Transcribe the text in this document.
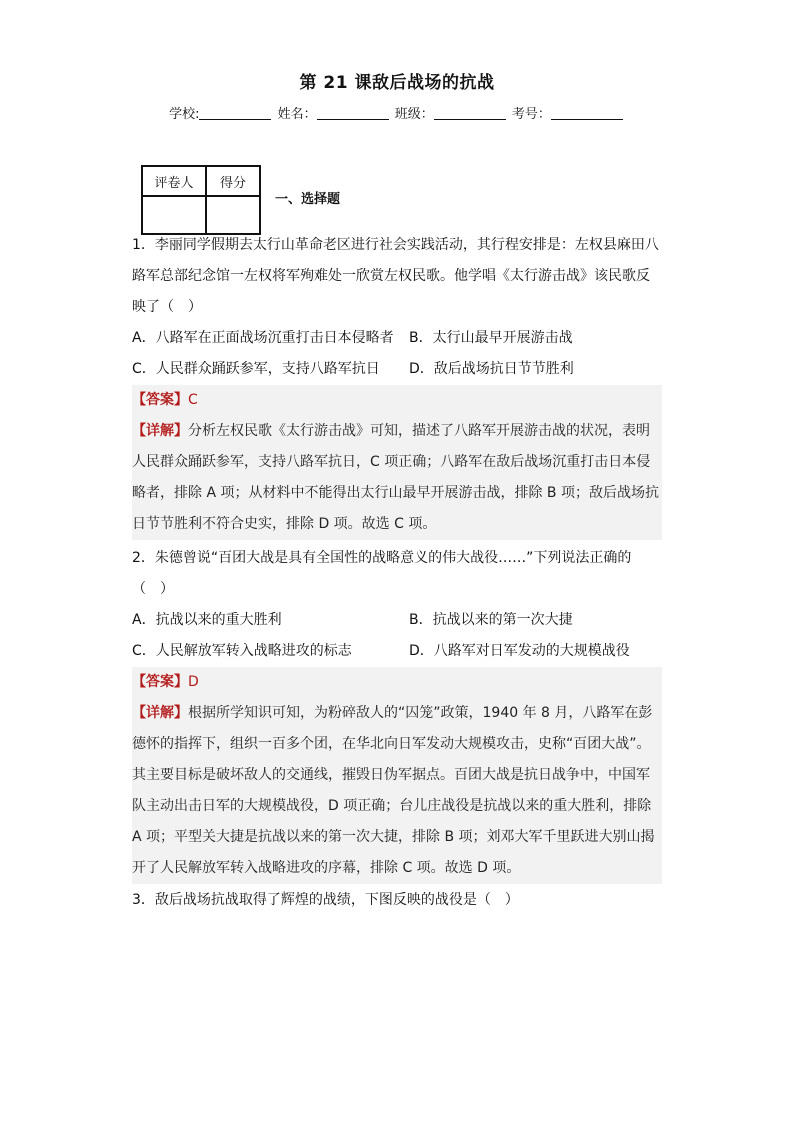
第 21 课敌后战场的抗战
学校:	姓名：	班级：	考号：
评卷人	得分

一、选择题

1．李丽同学假期去太行山革命老区进行社会实践活动，其行程安排是：左权县麻田八路军总部纪念馆一左权将军殉难处一欣赏左权民歌。他学唱《太行游击战》该民歌反映了（　）

A．八路军在正面战场沉重打击日本侵略者	B．太行山最早开展游击战
C．人民群众踊跃参军，支持八路军抗日	D．敌后战场抗日节节胜利
【答案】C
【详解】分析左权民歌《太行游击战》可知，描述了八路军开展游击战的状况，表明人民群众踊跃参军，支持八路军抗日，C 项正确；八路军在敌后战场沉重打击日本侵略者，排除 A 项；从材料中不能得出太行山最早开展游击战，排除 B 项；敌后战场抗日节节胜利不符合史实，排除 D 项。故选 C 项。

2．朱德曾说“百团大战是具有全国性的战略意义的伟大战役……”下列说法正确的（　）

A．抗战以来的重大胜利	B．抗战以来的第一次大捷
C．人民解放军转入战略进攻的标志	D．八路军对日军发动的大规模战役
【答案】D
【详解】根据所学知识可知，为粉碎敌人的“囚笼”政策，1940 年 8 月，八路军在彭德怀的指挥下，组织一百多个团，在华北向日军发动大规模攻击，史称“百团大战”。其主要目标是破坏敌人的交通线，摧毁日伪军据点。百团大战是抗日战争中，中国军队主动出击日军的大规模战役，D 项正确；台儿庄战役是抗战以来的重大胜利，排除 A 项；平型关大捷是抗战以来的第一次大捷，排除 B 项；刘邓大军千里跃进大别山揭开了人民解放军转入战略进攻的序幕，排除 C 项。故选 D 项。

3．敌后战场抗战取得了辉煌的战绩，下图反映的战役是（　）
